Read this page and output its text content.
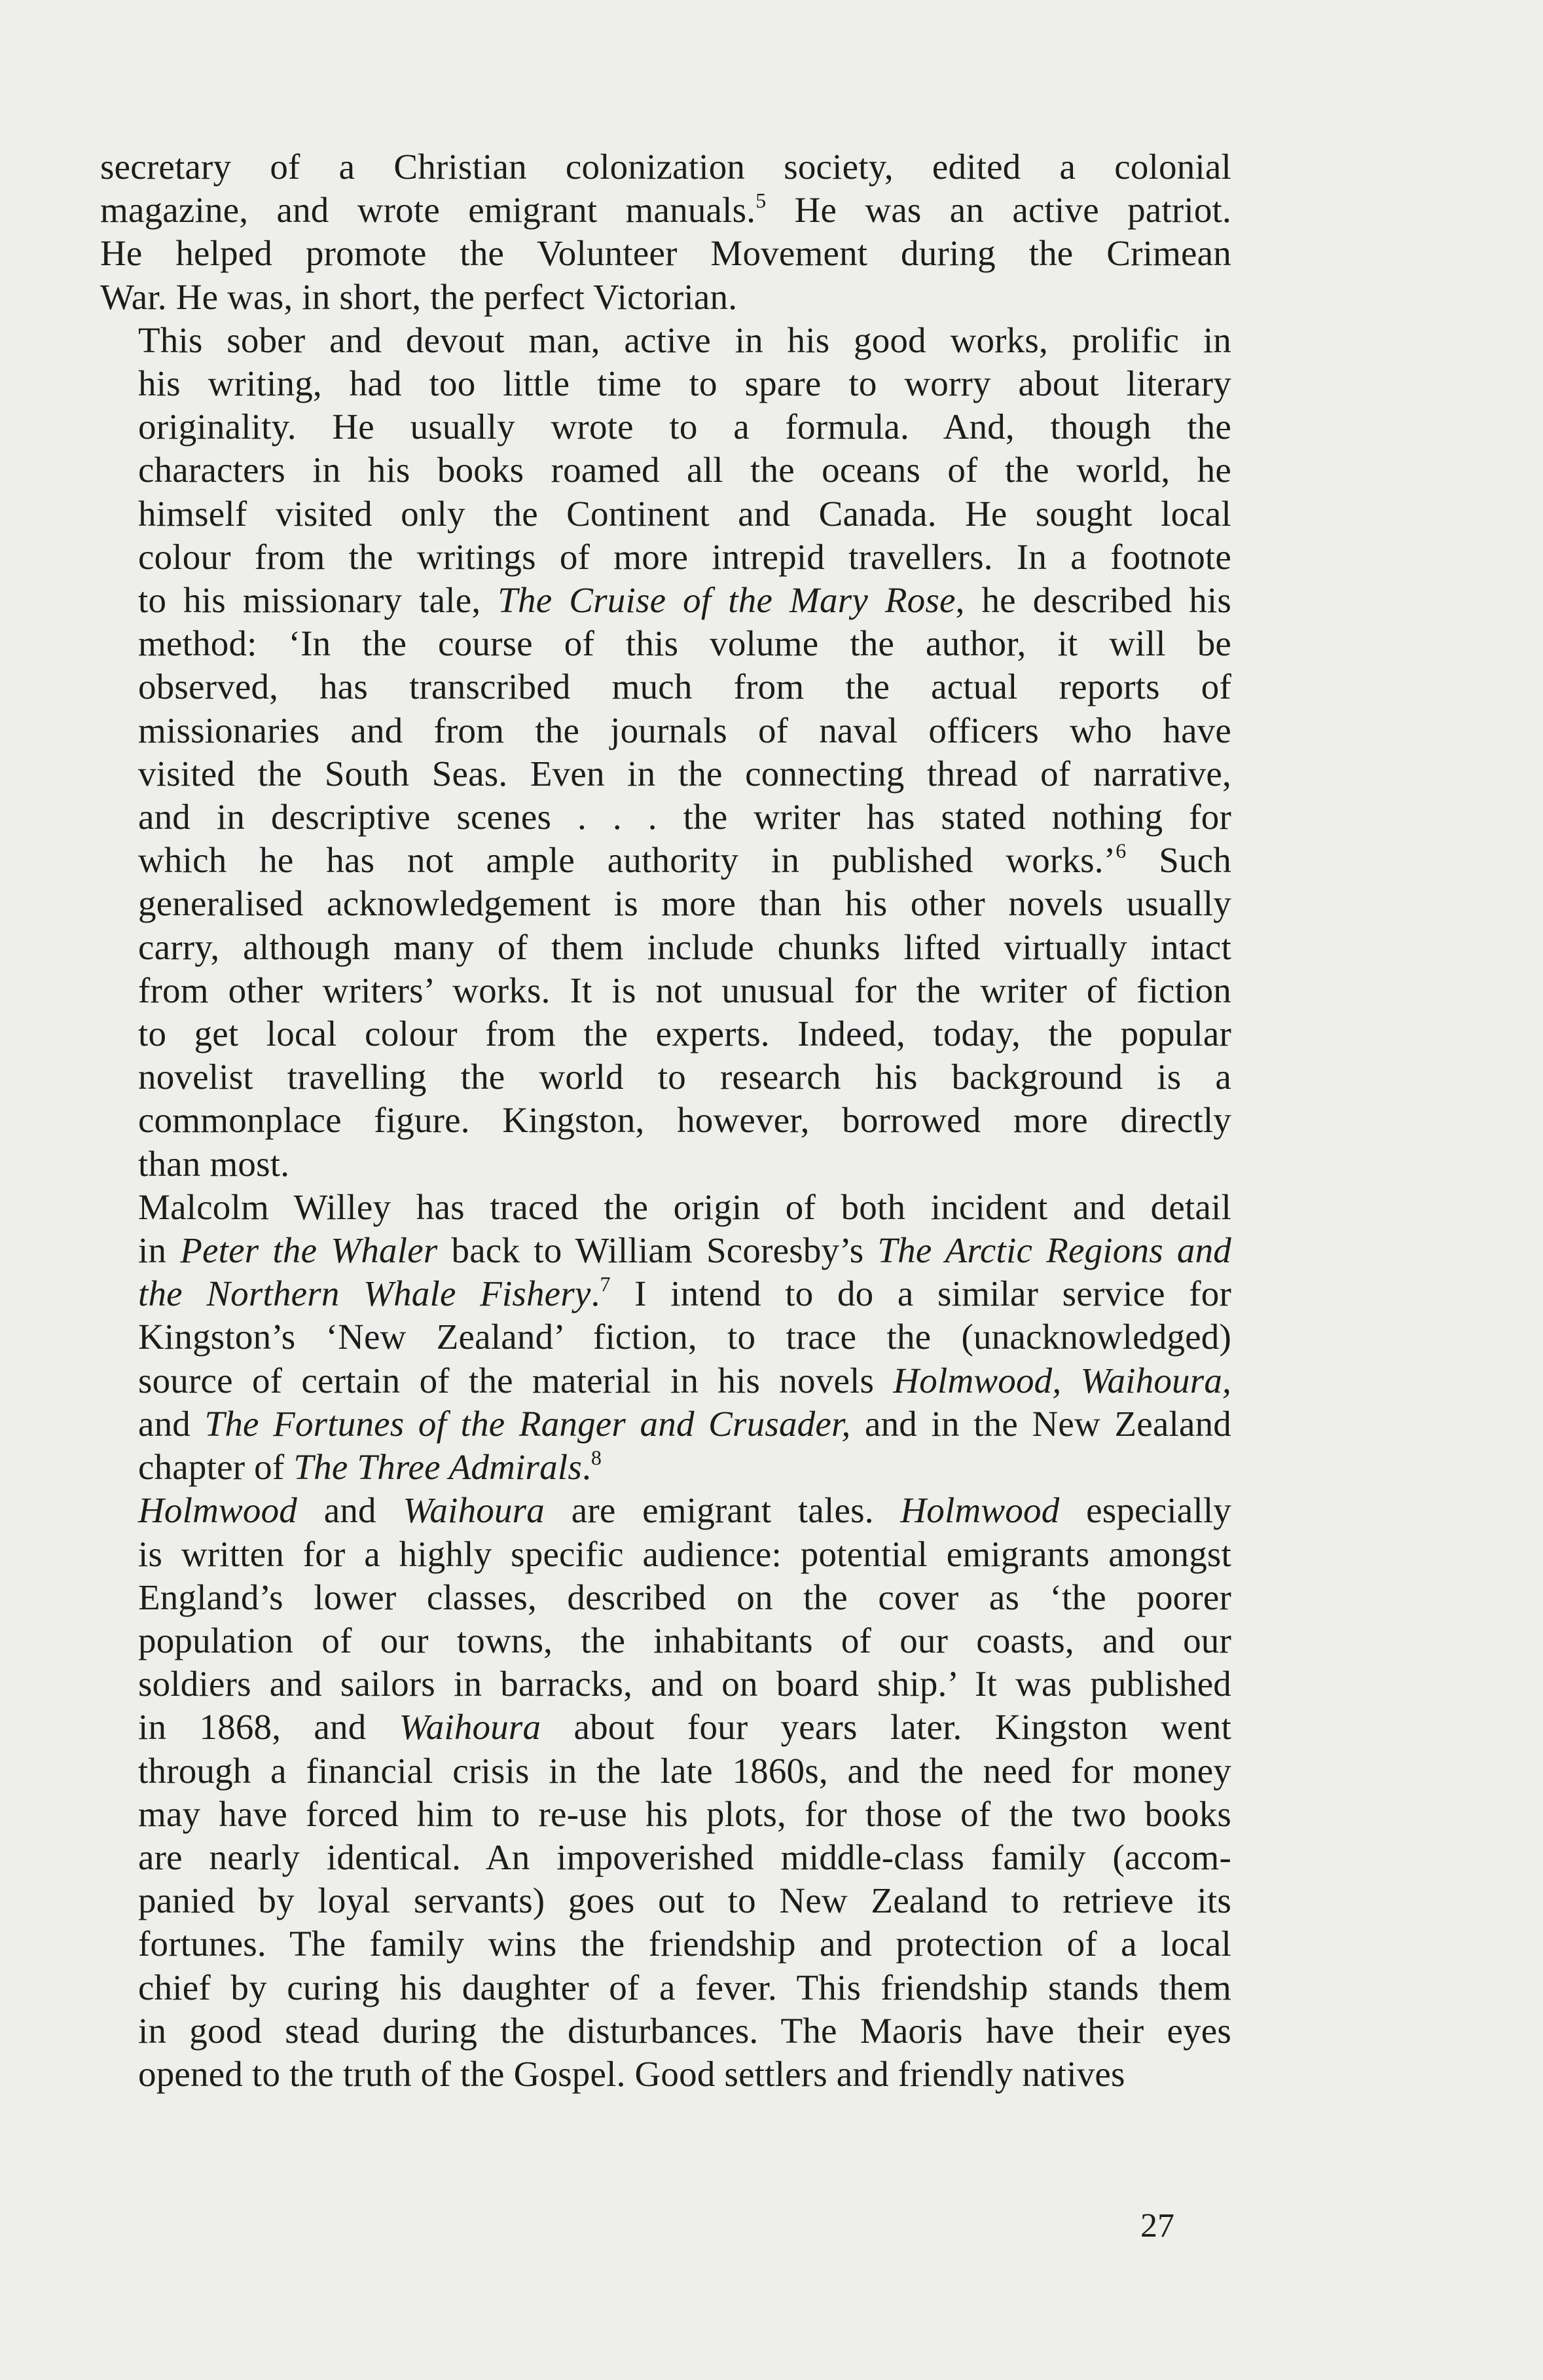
secretary of a Christian colonization society, edited a colonial
magazine, and wrote emigrant manuals.$^5$ He was an active patriot.
He helped promote the Volunteer Movement during the Crimean
War. He was, in short, the perfect Victorian.
This sober and devout man, active in his good works, prolific in
his writing, had too little time to spare to worry about literary
originality. He usually wrote to a formula. And, though the
characters in his books roamed all the oceans of the world, he
himself visited only the Continent and Canada. He sought local
colour from the writings of more intrepid travellers. In a footnote
to his missionary tale, The Cruise of the Mary Rose, he described his
method: ‘In the course of this volume the author, it will be
observed, has transcribed much from the actual reports of
missionaries and from the journals of naval officers who have
visited the South Seas. Even in the connecting thread of narrative,
and in descriptive scenes . . . the writer has stated nothing for
which he has not ample authority in published works.’$^6$ Such
generalised acknowledgement is more than his other novels usually
carry, although many of them include chunks lifted virtually intact
from other writers’ works. It is not unusual for the writer of fiction
to get local colour from the experts. Indeed, today, the popular
novelist travelling the world to research his background is a
commonplace figure. Kingston, however, borrowed more directly
than most.
Malcolm Willey has traced the origin of both incident and detail
in Peter the Whaler back to William Scoresby’s The Arctic Regions and
the Northern Whale Fishery.$^7$ I intend to do a similar service for
Kingston’s ‘New Zealand’ fiction, to trace the (unacknowledged)
source of certain of the material in his novels Holmwood, Waihoura,
and The Fortunes of the Ranger and Crusader, and in the New Zealand
chapter of The Three Admirals.$^8$
Holmwood and Waihoura are emigrant tales. Holmwood especially
is written for a highly specific audience: potential emigrants amongst
England’s lower classes, described on the cover as ‘the poorer
population of our towns, the inhabitants of our coasts, and our
soldiers and sailors in barracks, and on board ship.’ It was published
in 1868, and Waihoura about four years later. Kingston went
through a financial crisis in the late 1860s, and the need for money
may have forced him to re-use his plots, for those of the two books
are nearly identical. An impoverished middle-class family (accom-
panied by loyal servants) goes out to New Zealand to retrieve its
fortunes. The family wins the friendship and protection of a local
chief by curing his daughter of a fever. This friendship stands them
in good stead during the disturbances. The Maoris have their eyes
opened to the truth of the Gospel. Good settlers and friendly natives
27
